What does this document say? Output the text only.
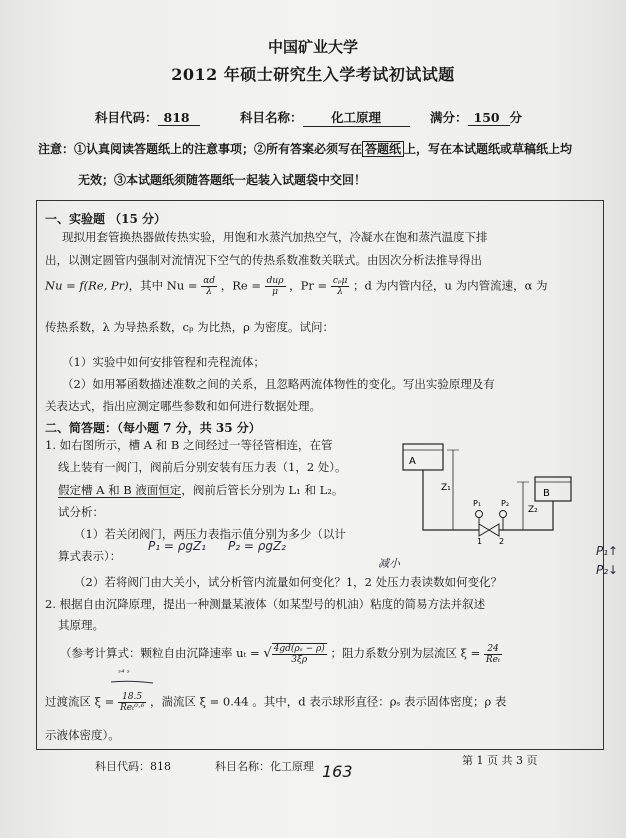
中国矿业大学
2012 年硕士研究生入学考试初试试题
科目代码： 818	科目名称： 化工原理	满分： 150 分
注意：①认真阅读答题纸上的注意事项；②所有答案必须写在 答题纸 上，写在本试题纸或草稿纸上均
无效；③本试题纸须随答题纸一起装入试题袋中交回！
一、实验题 （15 分）
现拟用套管换热器做传热实验，用饱和水蒸汽加热空气，冷凝水在饱和蒸汽温度下排
出，以测定圆管内强制对流情况下空气的传热系数准数关联式。由因次分析法推导得出
Nu = f(Re, Pr)，其中 $Nu = \frac{\alpha d}{\lambda}$ ，$Re = \frac{\text{duρ}}{\mu}$ ，$Pr = \frac{\text{cₚμ}}{\lambda}$ ；d 为内管内径，u 为内管流速，α 为
传热系数，λ 为导热系数，cₚ 为比热，ρ 为密度。试问：
（1）实验中如何安排管程和壳程流体；
（2）如用幂函数描述准数之间的关系，且忽略两流体物性的变化。写出实验原理及有
关表达式，指出应测定哪些参数和如何进行数据处理。
二、简答题：（每小题 7 分，共 35 分）
1. 如右图所示，槽 A 和 B 之间经过一等径管相连，在管
线上装有一阀门，阀前后分别安装有压力表（1，2 处）。
假定槽 A 和 B 液面恒定，阀前后管长分别为 L₁ 和 L₂。
试分析：
（1）若关闭阀门，两压力表指示值分别为多少（以计
算式表示）：
（2）若将阀门由大关小，试分析管内流量如何变化？1，2 处压力表读数如何变化？
2. 根据自由沉降原理，提出一种测量某液体（如某型号的机油）粘度的简易方法并叙述
其原理。
（参考计算式：颗粒自由沉降速率 uₜ = √ $\frac{\text{4gd(ρₛ − ρ)}}{3\xi\rho}$ ；阻力系数分别为层流区 $\xi = \frac{24}{\text{Reₜ}}$
过渡流区 $\xi = \frac{18.5}{\text{Reₜ⁰·⁶}}$ ，湍流区 ξ = 0.44 。其中，d 表示球形直径：ρₛ 表示固体密度；ρ 表
示液体密度）。
A
B
Z₁
Z₂
P₁ P₂
1 2
P₁ = ρgZ₁ P₂ = ρgZ₂
减小
P₁↑
P₂↓
ˢ⁴ ˢ
科目代码：818	科目名称：化工原理 163
第 1 页 共 3 页
